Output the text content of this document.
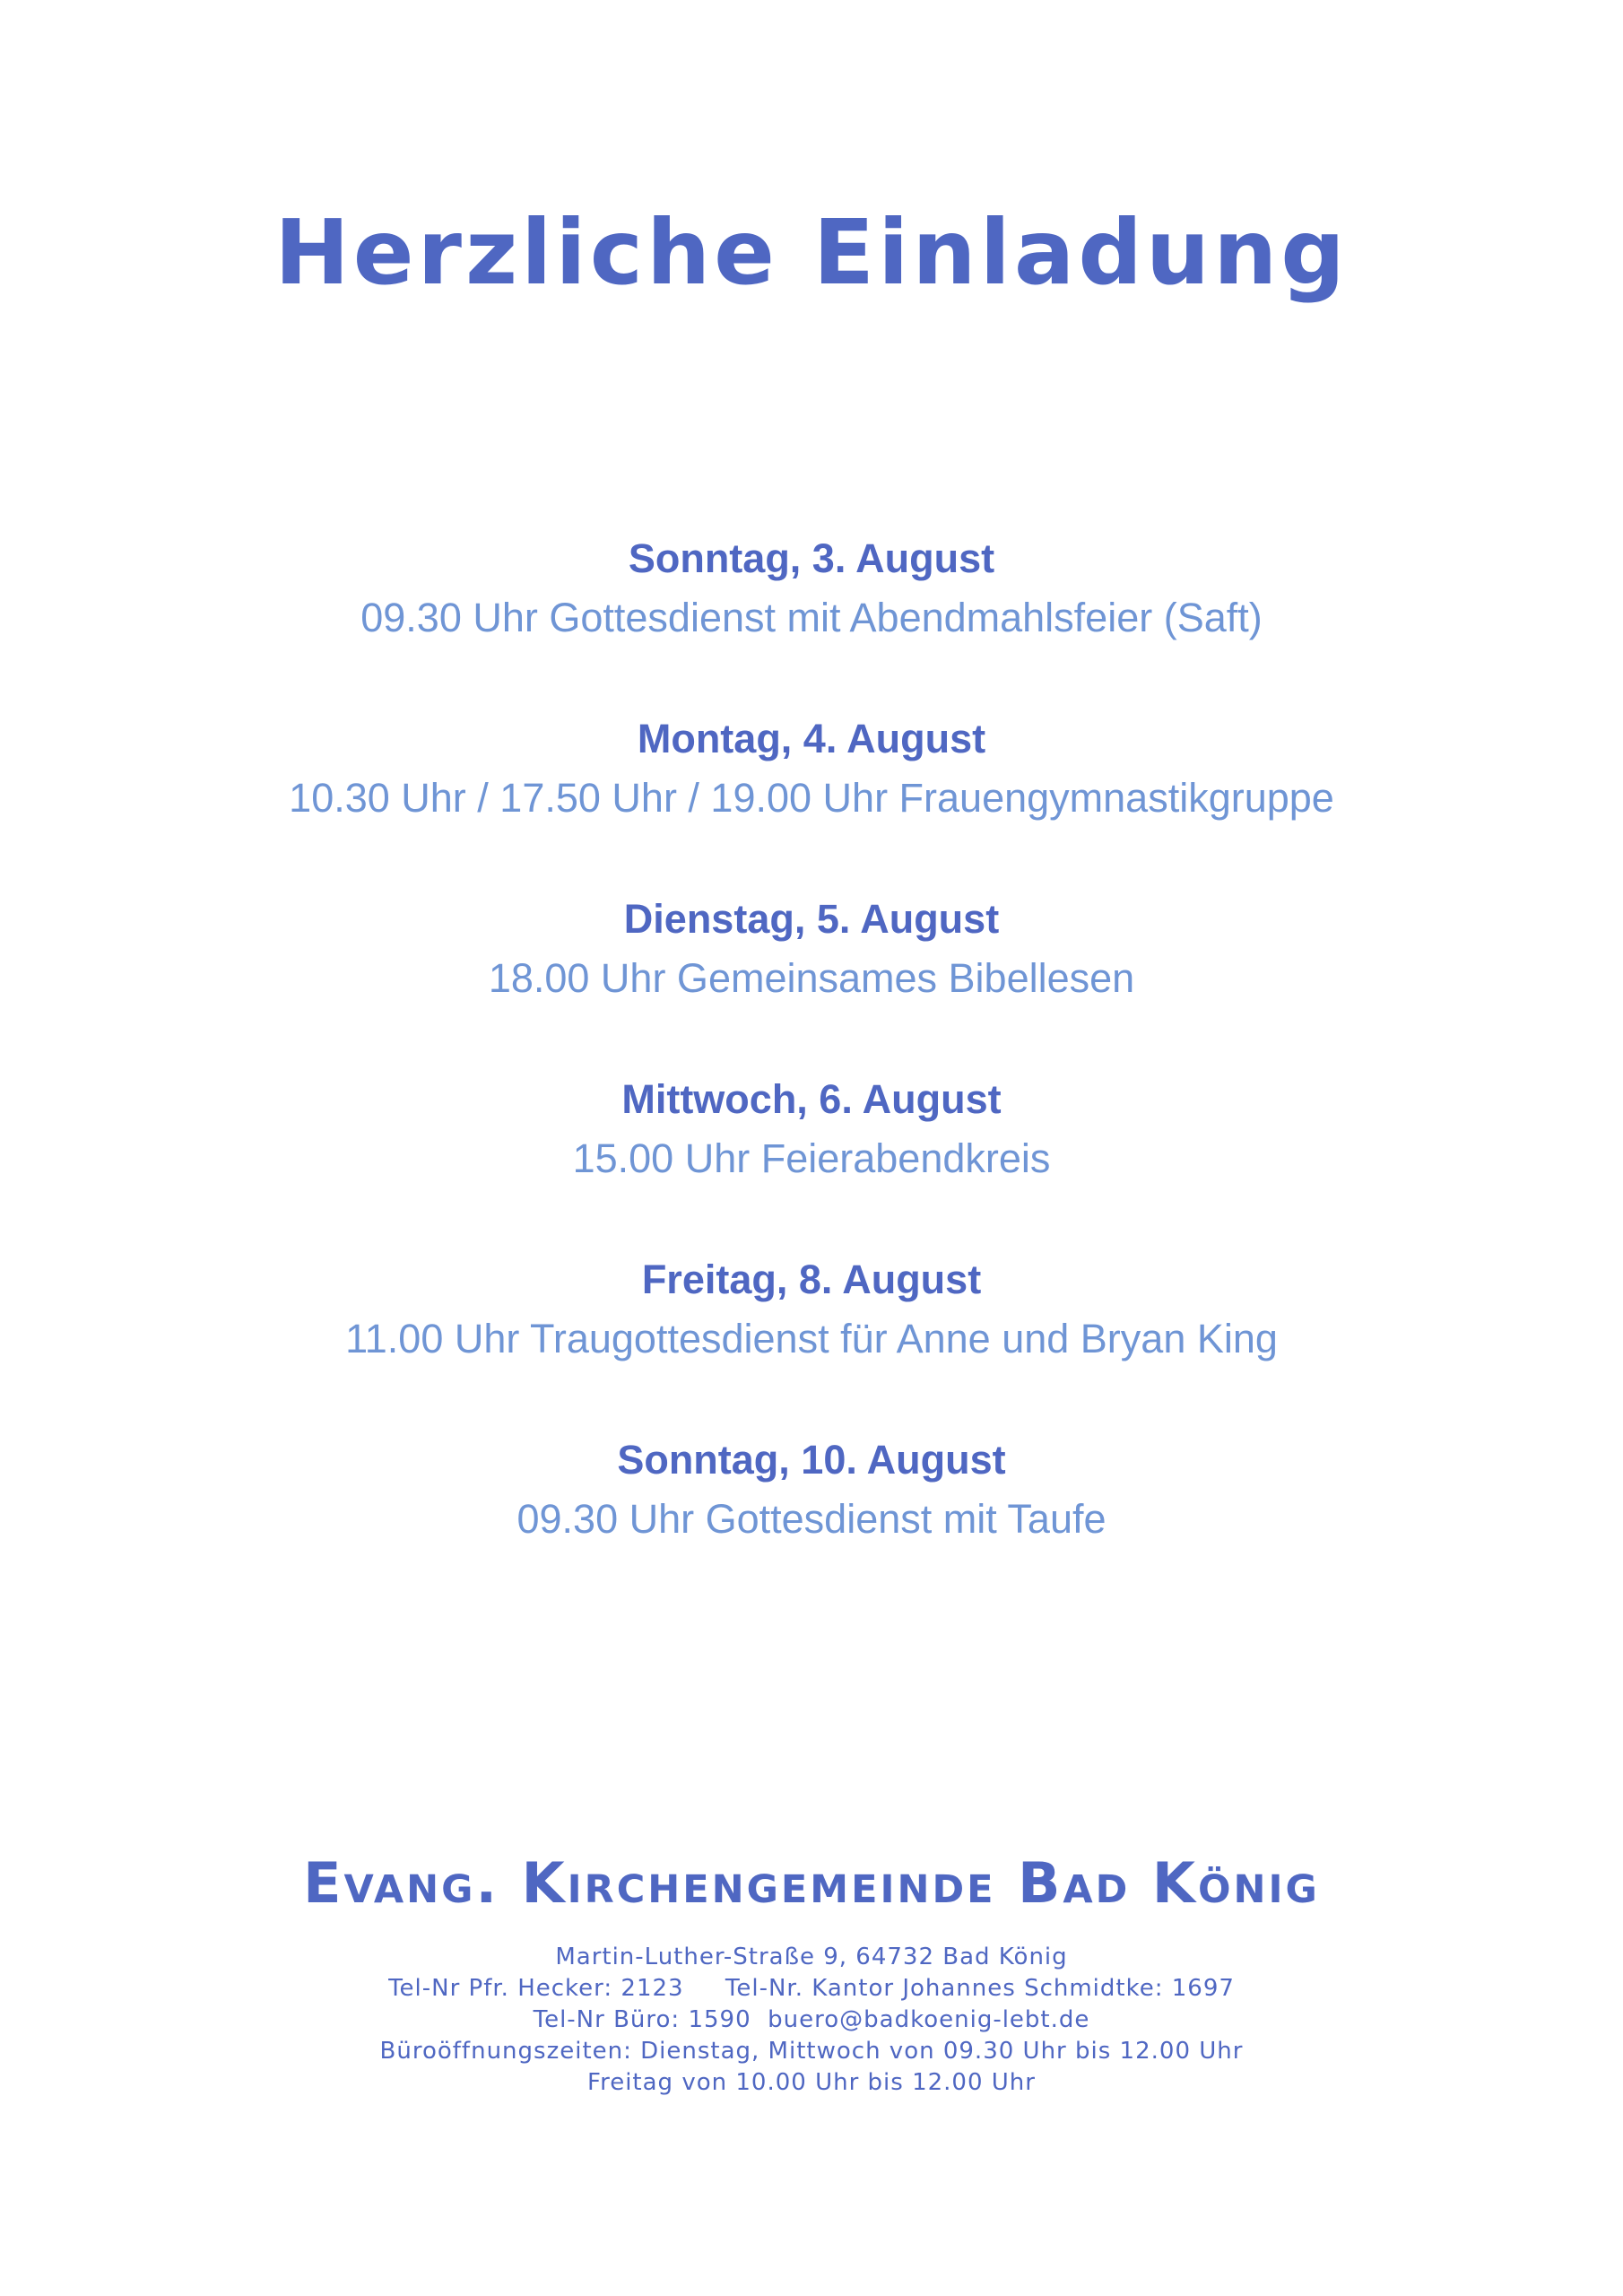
Herzliche Einladung
Sonntag, 3. August
09.30 Uhr Gottesdienst mit Abendmahlsfeier (Saft)
Montag, 4. August
10.30 Uhr / 17.50 Uhr / 19.00 Uhr Frauengymnastikgruppe
Dienstag, 5. August
18.00 Uhr Gemeinsames Bibellesen
Mittwoch, 6. August
15.00 Uhr Feierabendkreis
Freitag, 8. August
11.00 Uhr Traugottesdienst für Anne und Bryan King
Sonntag, 10. August
09.30 Uhr Gottesdienst mit Taufe
Evang. Kirchengemeinde Bad König
Martin-Luther-Straße 9, 64732 Bad König
Tel-Nr Pfr. Hecker: 2123     Tel-Nr. Kantor Johannes Schmidtke: 1697
Tel-Nr Büro: 1590  buero@badkoenig-lebt.de
Büroöffnungszeiten: Dienstag, Mittwoch von 09.30 Uhr bis 12.00 Uhr
Freitag von 10.00 Uhr bis 12.00 Uhr
